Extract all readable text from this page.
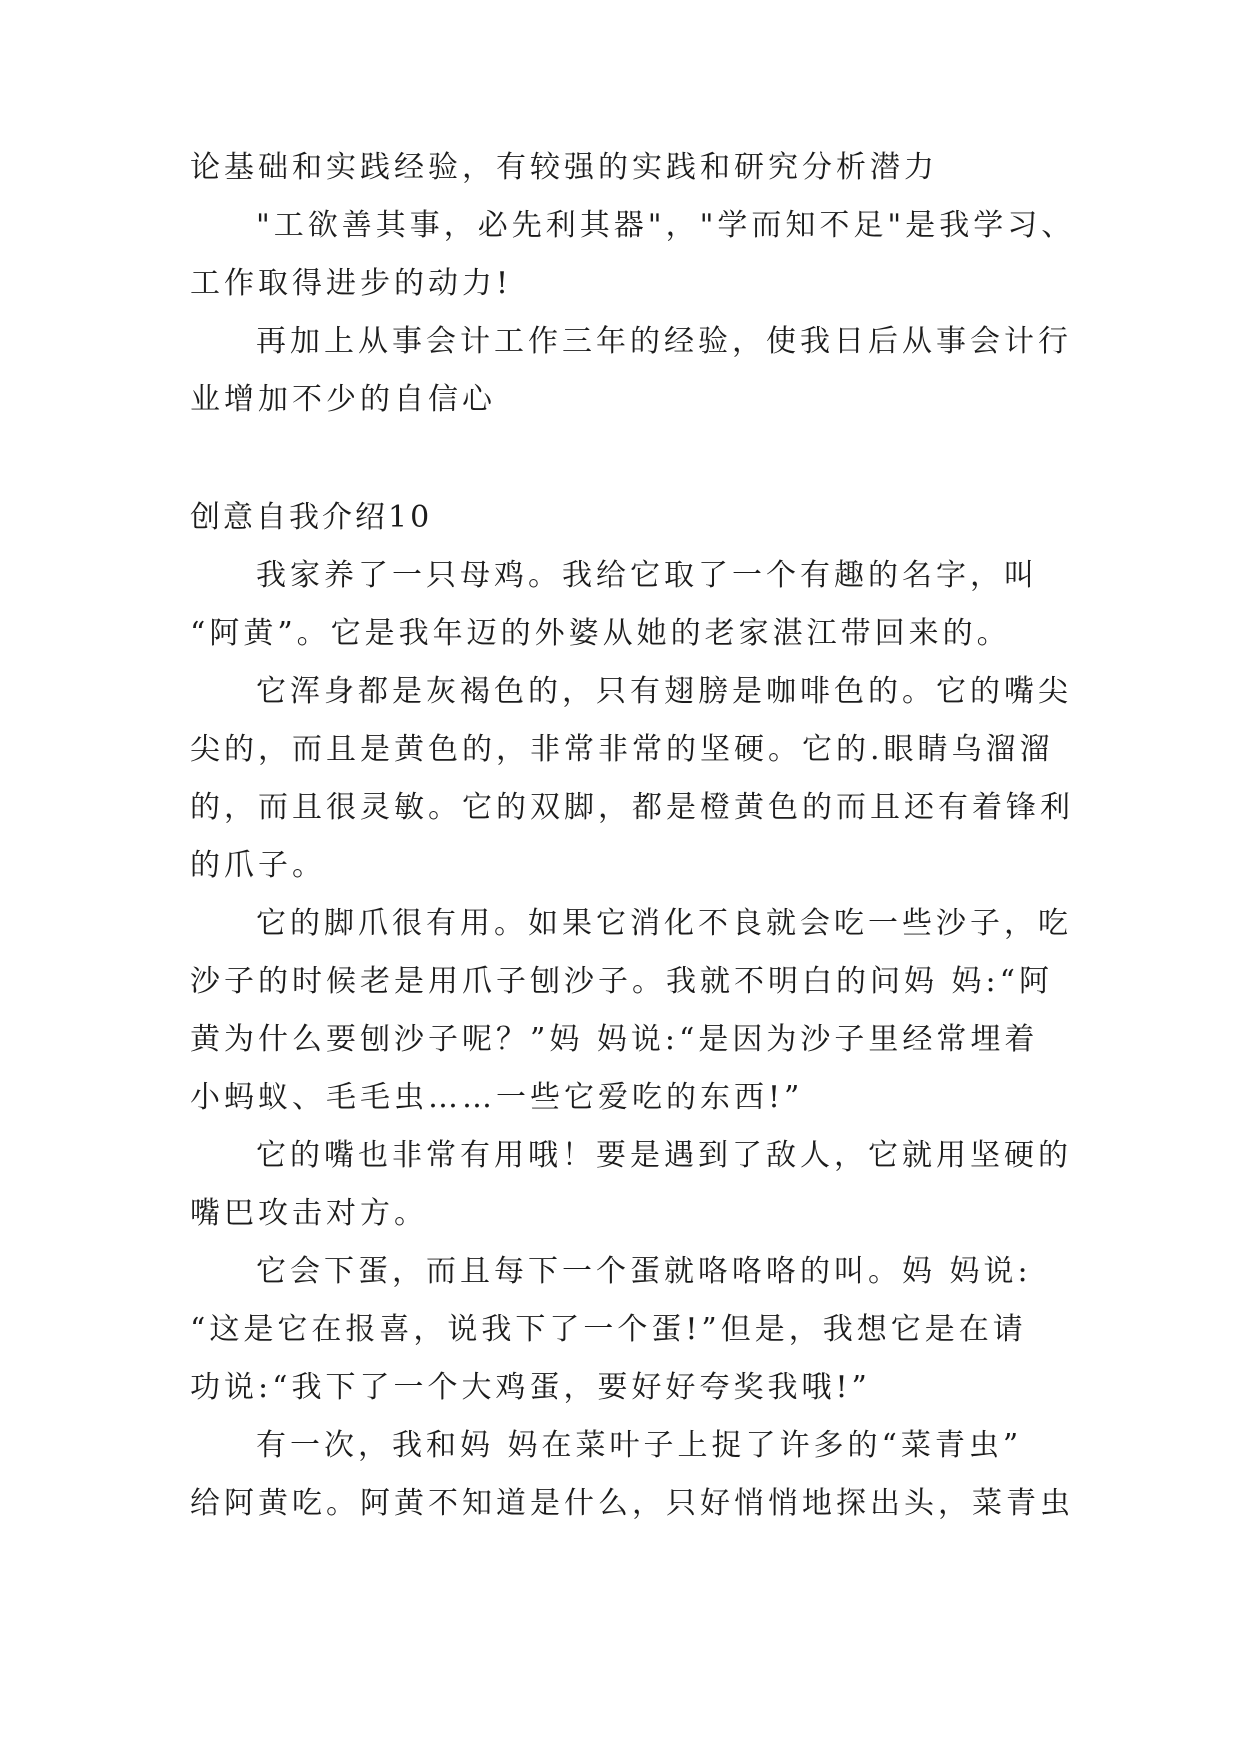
论基础和实践经验，有较强的实践和研究分析潜力
"工欲善其事，必先利其器"，"学而知不足"是我学习、
工作取得进步的动力!
再加上从事会计工作三年的经验，使我日后从事会计行
业增加不少的自信心
创意自我介绍10
我家养了一只母鸡。我给它取了一个有趣的名字，叫
“阿黄”。它是我年迈的外婆从她的老家湛江带回来的。
它浑身都是灰褐色的，只有翅膀是咖啡色的。它的嘴尖
尖的，而且是黄色的，非常非常的坚硬。它的.眼睛乌溜溜
的，而且很灵敏。它的双脚，都是橙黄色的而且还有着锋利
的爪子。
它的脚爪很有用。如果它消化不良就会吃一些沙子，吃
沙子的时候老是用爪子刨沙子。我就不明白的问妈 妈:“阿
黄为什么要刨沙子呢？”妈 妈说:“是因为沙子里经常埋着
小蚂蚁、毛毛虫……一些它爱吃的东西!”
它的嘴也非常有用哦！要是遇到了敌人，它就用坚硬的
嘴巴攻击对方。
它会下蛋，而且每下一个蛋就咯咯咯的叫。妈 妈说:
“这是它在报喜，说我下了一个蛋!”但是，我想它是在请
功说:“我下了一个大鸡蛋，要好好夸奖我哦!”
有一次，我和妈 妈在菜叶子上捉了许多的“菜青虫”
给阿黄吃。阿黄不知道是什么，只好悄悄地探出头，菜青虫
